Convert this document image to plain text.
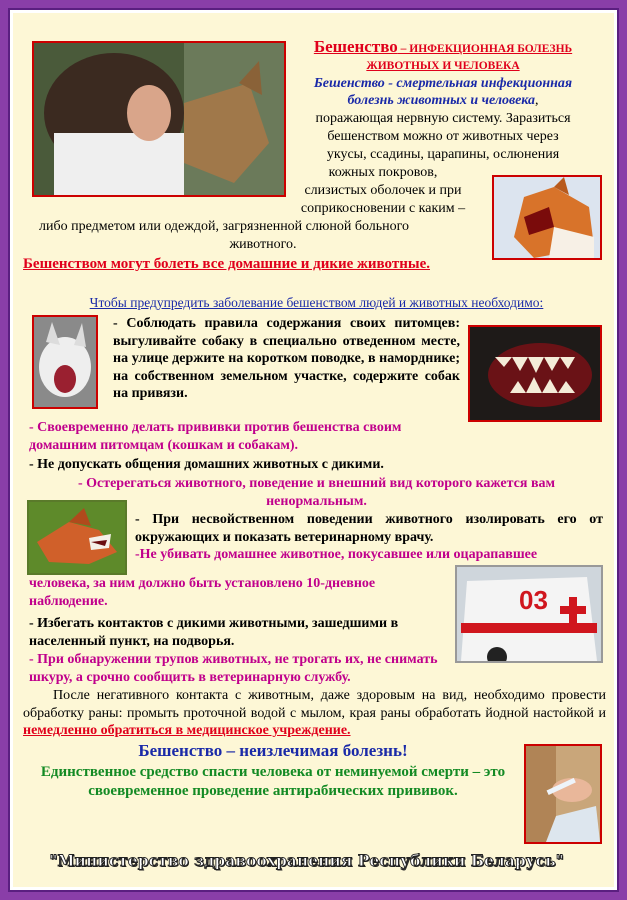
Бешенство – ИНФЕКЦИОННАЯ БОЛЕЗНЬ ЖИВОТНЫХ И ЧЕЛОВЕКА
Бешенство - смертельная инфекционная болезнь животных и человека,
поражающая нервную систему. Заразиться
бешенством можно от животных через
укусы, ссадины, царапины, ослюнения
кожных покровов,
слизистых оболочек и при
соприкосновении с каким –
либо предметом или одеждой, загрязненной слюной больного
животного.
Бешенством могут болеть все домашние и дикие животные.
Чтобы предупредить заболевание бешенством людей и животных необходимо:
- Соблюдать правила содержания своих питомцев: выгуливайте собаку в специально отведенном месте, на улице держите на коротком поводке, в наморднике; на собственном земельном участке, содержите собак на привязи.
- Своевременно делать прививки против бешенства своим домашним питомцам (кошкам и собакам).
- Не допускать общения домашних животных с дикими.
- Остерегаться животного, поведение и внешний вид которого кажется вам ненормальным.
- При несвойственном поведении животного изолировать его от окружающих и показать ветеринарному врачу.
-Не убивать домашнее животное, покусавшее или оцарапавшее
03
человека, за ним должно быть установлено 10-дневное наблюдение.
- Избегать контактов с дикими животными, зашедшими в населенный пункт, на подворья.
- При обнаружении трупов животных, не трогать их, не снимать шкуру, а срочно сообщить в ветеринарную службу.
После негативного контакта с животным, даже здоровым на вид, необходимо провести обработку раны: промыть проточной водой с мылом, края раны обработать йодной настойкой и немедленно обратиться в медицинское учреждение.
Бешенство – неизлечимая болезнь!
Единственное средство спасти человека от неминуемой смерти – это своевременное проведение антирабических прививок.
"Министерство здравоохранения Республики Беларусь"
